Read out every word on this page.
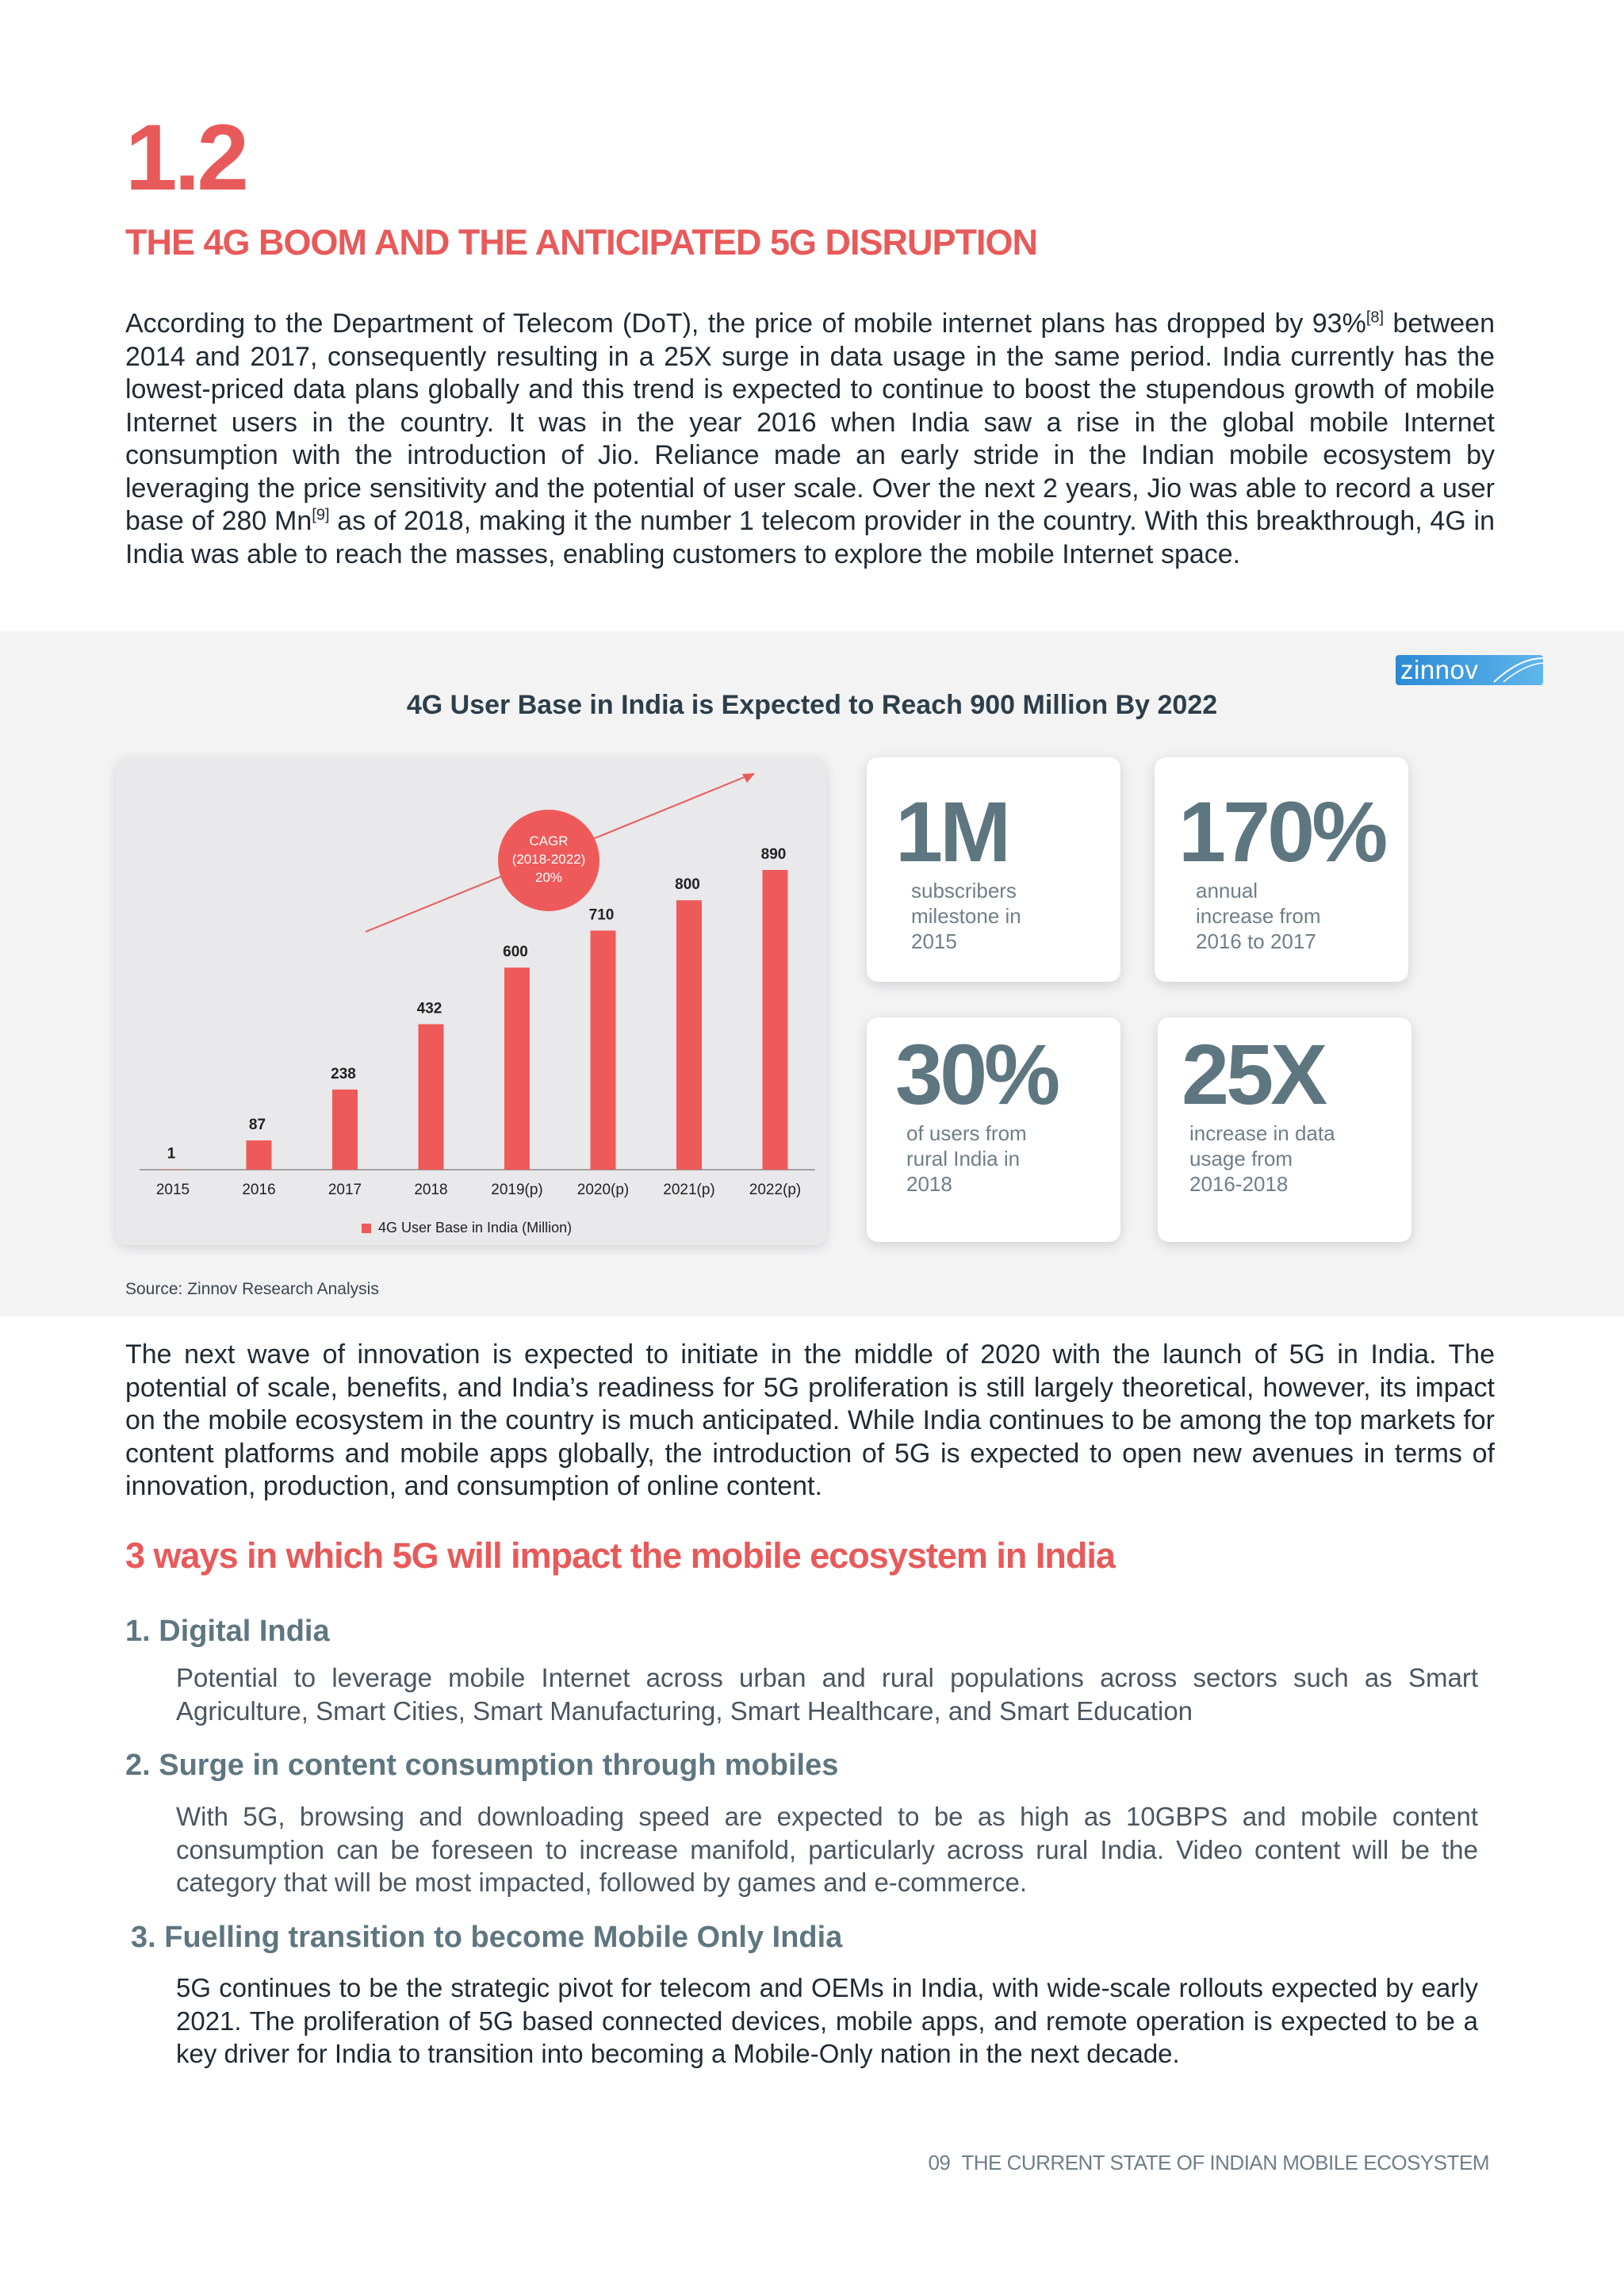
1.2
THE 4G BOOM AND THE ANTICIPATED 5G DISRUPTION
According to the Department of Telecom (DoT), the price of mobile internet plans has dropped by 93%[8] between 2014 and 2017, consequently resulting in a 25X surge in data usage in the same period. India currently has the lowest-priced data plans globally and this trend is expected to continue to boost the stupendous growth of mobile Internet users in the country. It was in the year 2016 when India saw a rise in the global mobile Internet consumption with the introduction of Jio. Reliance made an early stride in the Indian mobile ecosystem by leveraging the price sensitivity and the potential of user scale. Over the next 2 years, Jio was able to record a user base of 280 Mn[9] as of 2018, making it the number 1 telecom provider in the country. With this breakthrough, 4G in India was able to reach the masses, enabling customers to explore the mobile Internet space.
zinnov
4G User Base in India is Expected to Reach 900 Million By 2022
1
2015
87
2016
238
2017
432
2018
600
2019(p)
710
2020(p)
800
2021(p)
890
2022(p)
CAGR
(2018-2022)
20%
4G User Base in India (Million)
1M
subscribers
milestone in
2015
170%
annual
increase from
2016 to 2017
30%
of users from
rural India in
2018
25X
increase in data
usage from
2016-2018
Source: Zinnov Research Analysis
The next wave of innovation is expected to initiate in the middle of 2020 with the launch of 5G in India. The potential of scale, benefits, and India’s readiness for 5G proliferation is still largely theoretical, however, its impact on the mobile ecosystem in the country is much anticipated. While India continues to be among the top markets for content platforms and mobile apps globally, the introduction of 5G is expected to open new avenues in terms of innovation, production, and consumption of online content.
3 ways in which 5G will impact the mobile ecosystem in India
1. Digital India
Potential to leverage mobile Internet across urban and rural populations across sectors such as Smart Agriculture, Smart Cities, Smart Manufacturing, Smart Healthcare, and Smart Education
2. Surge in content consumption through mobiles
With 5G, browsing and downloading speed are expected to be as high as 10GBPS and mobile content consumption can be foreseen to increase manifold, particularly across rural India. Video content will be the category that will be most impacted, followed by games and e-commerce.
3. Fuelling transition to become Mobile Only India
5G continues to be the strategic pivot for telecom and OEMs in India, with wide-scale rollouts expected by early 2021. The proliferation of 5G based connected devices, mobile apps, and remote operation is expected to be a key driver for India to transition into becoming a Mobile-Only nation in the next decade.
09 THE CURRENT STATE OF INDIAN MOBILE ECOSYSTEM
